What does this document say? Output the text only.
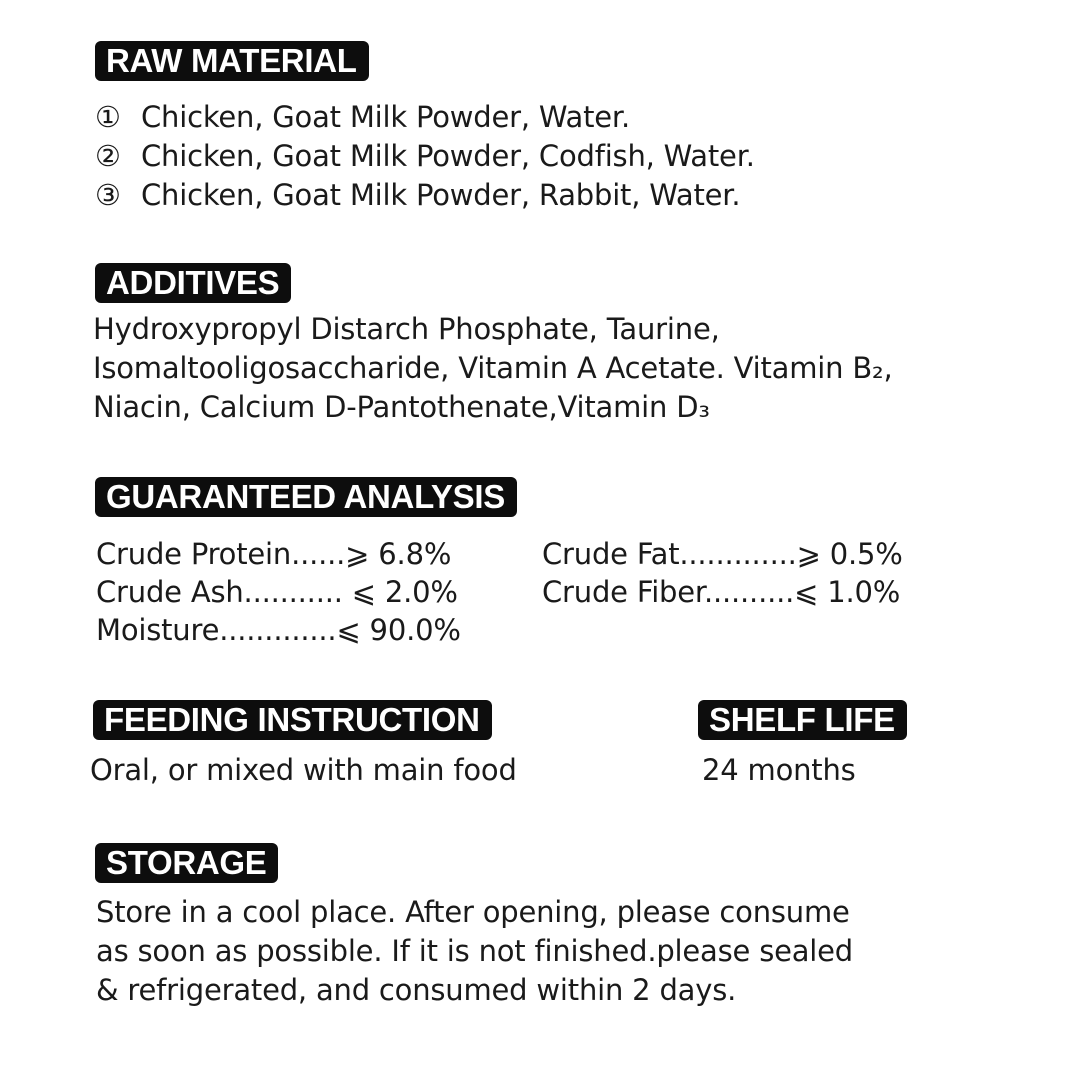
RAW MATERIAL
① Chicken, Goat Milk Powder, Water.
② Chicken, Goat Milk Powder, Codfish, Water.
③ Chicken, Goat Milk Powder, Rabbit, Water.
ADDITIVES
Hydroxypropyl Distarch Phosphate, Taurine,
Isomaltooligosaccharide, Vitamin A Acetate. Vitamin B₂,
Niacin, Calcium D-Pantothenate,Vitamin D₃
GUARANTEED ANALYSIS
Crude Protein......⩾ 6.8%
Crude Ash........... ⩽ 2.0%
Moisture.............⩽ 90.0%
Crude Fat.............⩾ 0.5%
Crude Fiber..........⩽ 1.0%
FEEDING INSTRUCTION
Oral, or mixed with main food
SHELF LIFE
24 months
STORAGE
Store in a cool place. After opening, please consume
as soon as possible. If it is not finished.please sealed
& refrigerated, and consumed within 2 days.
